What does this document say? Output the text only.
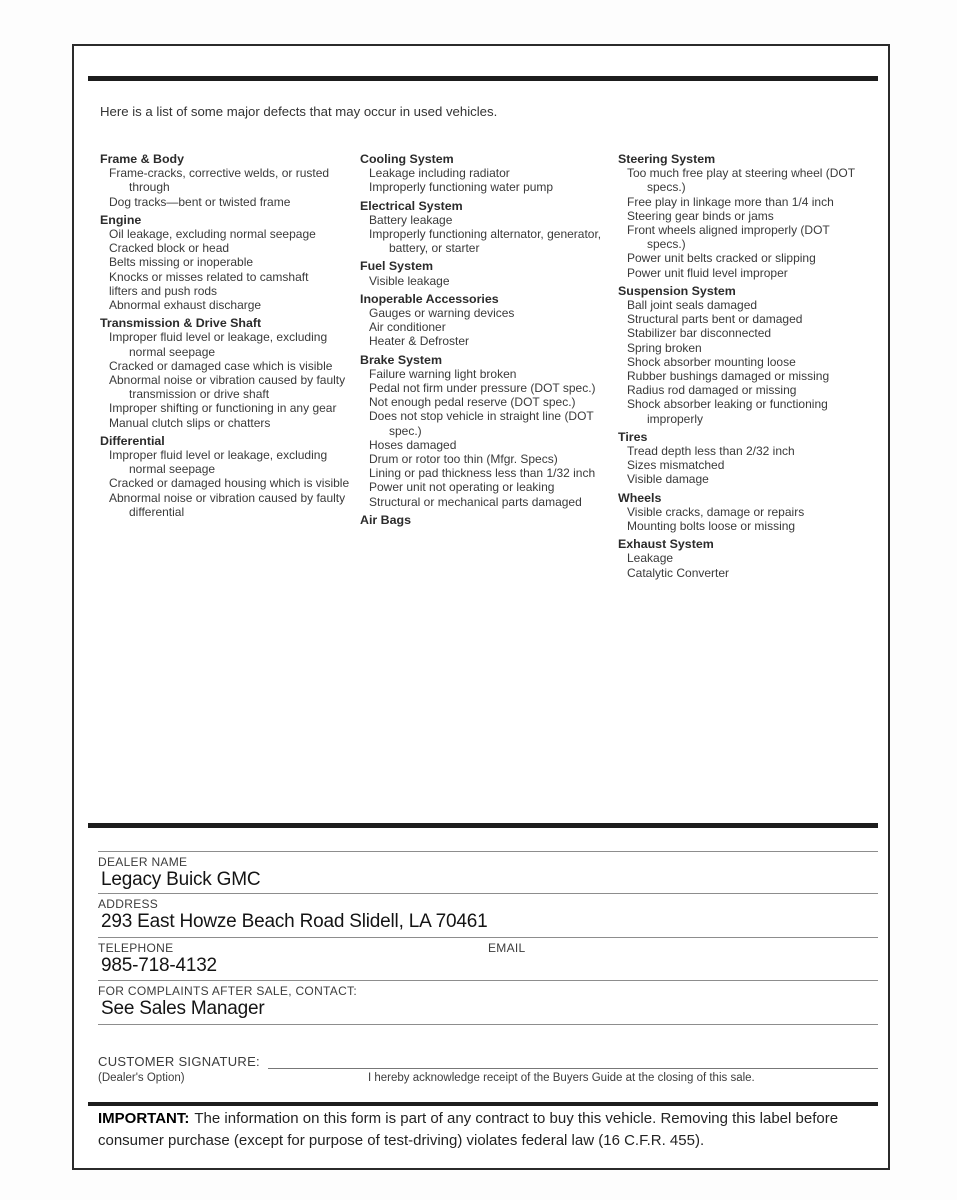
Here is a list of some major defects that may occur in used vehicles.
Frame & Body
Frame-cracks, corrective welds, or rusted through
Dog tracks—bent or twisted frame
Engine
Oil leakage, excluding normal seepage
Cracked block or head
Belts missing or inoperable
Knocks or misses related to camshaft
lifters and push rods
Abnormal exhaust discharge
Transmission & Drive Shaft
Improper fluid level or leakage, excluding normal seepage
Cracked or damaged case which is visible
Abnormal noise or vibration caused by faulty transmission or drive shaft
Improper shifting or functioning in any gear
Manual clutch slips or chatters
Differential
Improper fluid level or leakage, excluding normal seepage
Cracked or damaged housing which is visible
Abnormal noise or vibration caused by faulty differential
Cooling System
Leakage including radiator
Improperly functioning water pump
Electrical System
Battery leakage
Improperly functioning alternator, generator, battery, or starter
Fuel System
Visible leakage
Inoperable Accessories
Gauges or warning devices
Air conditioner
Heater & Defroster
Brake System
Failure warning light broken
Pedal not firm under pressure (DOT spec.)
Not enough pedal reserve (DOT spec.)
Does not stop vehicle in straight line (DOT spec.)
Hoses damaged
Drum or rotor too thin (Mfgr. Specs)
Lining or pad thickness less than 1/32 inch
Power unit not operating or leaking
Structural or mechanical parts damaged
Air Bags
Steering System
Too much free play at steering wheel (DOT specs.)
Free play in linkage more than 1/4 inch
Steering gear binds or jams
Front wheels aligned improperly (DOT specs.)
Power unit belts cracked or slipping
Power unit fluid level improper
Suspension System
Ball joint seals damaged
Structural parts bent or damaged
Stabilizer bar disconnected
Spring broken
Shock absorber mounting loose
Rubber bushings damaged or missing
Radius rod damaged or missing
Shock absorber leaking or functioning improperly
Tires
Tread depth less than 2/32 inch
Sizes mismatched
Visible damage
Wheels
Visible cracks, damage or repairs
Mounting bolts loose or missing
Exhaust System
Leakage
Catalytic Converter
DEALER NAME
Legacy Buick GMC
ADDRESS
293 East Howze Beach Road Slidell, LA 70461
TELEPHONE	EMAIL
985-718-4132
FOR COMPLAINTS AFTER SALE, CONTACT:
See Sales Manager
CUSTOMER SIGNATURE:
(Dealer's Option)	I hereby acknowledge receipt of the Buyers Guide at the closing of this sale.

IMPORTANT: The information on this form is part of any contract to buy this vehicle. Removing this label before consumer purchase (except for purpose of test-driving) violates federal law (16 C.F.R. 455).
